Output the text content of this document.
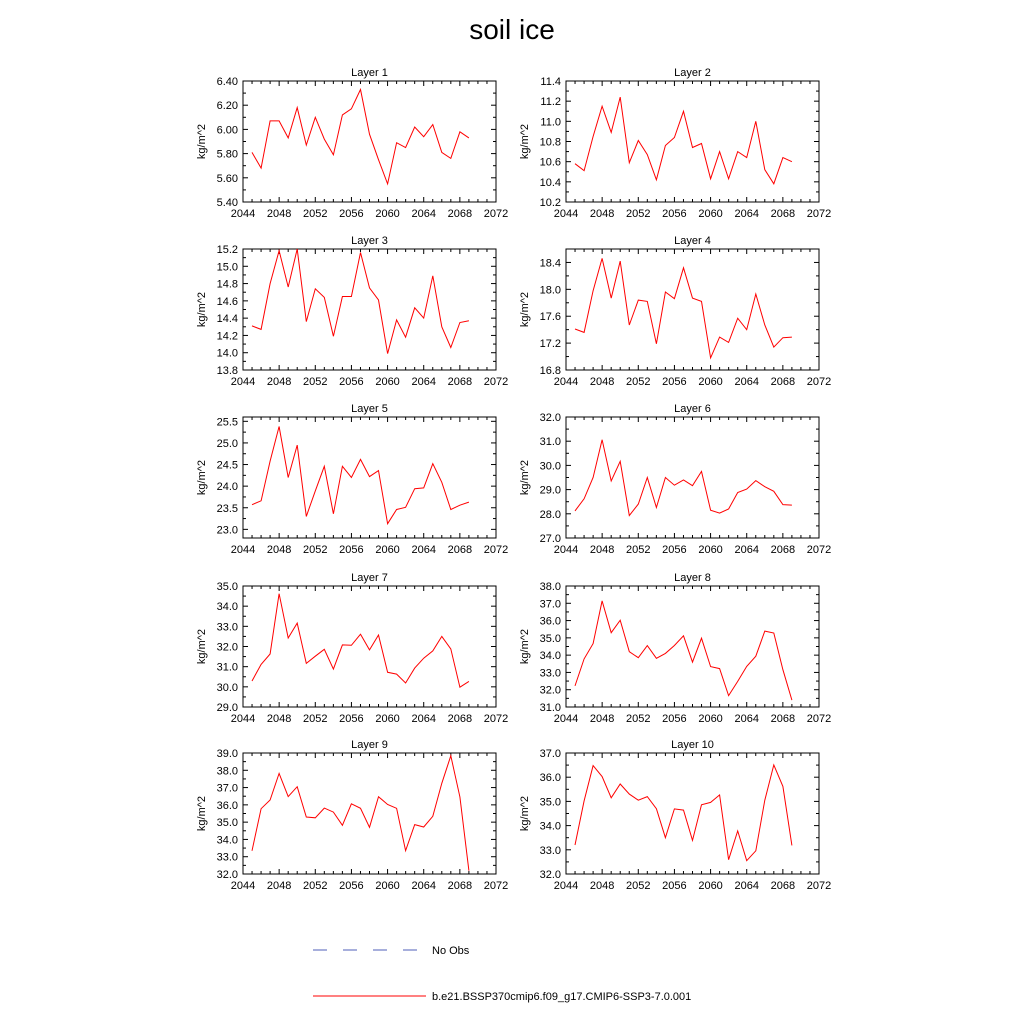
soil ice
Layer 1
kg/m^2
2044 2048 2052 2056 2060 2064 2068 2072
5.40
5.60
5.80
6.00
6.20
6.40
Layer 2
kg/m^2
2044 2048 2052 2056 2060 2064 2068 2072
10.2
10.4
10.6
10.8
11.0
11.2
11.4
Layer 3
kg/m^2
2044 2048 2052 2056 2060 2064 2068 2072
13.8
14.0
14.2
14.4
14.6
14.8
15.0
15.2
Layer 4
kg/m^2
2044 2048 2052 2056 2060 2064 2068 2072
16.8
17.2
17.6
18.0
18.4
Layer 5
kg/m^2
2044 2048 2052 2056 2060 2064 2068 2072
23.0
23.5
24.0
24.5
25.0
25.5
Layer 6
kg/m^2
2044 2048 2052 2056 2060 2064 2068 2072
27.0
28.0
29.0
30.0
31.0
32.0
Layer 7
kg/m^2
2044 2048 2052 2056 2060 2064 2068 2072
29.0
30.0
31.0
32.0
33.0
34.0
35.0
Layer 8
kg/m^2
2044 2048 2052 2056 2060 2064 2068 2072
31.0
32.0
33.0
34.0
35.0
36.0
37.0
38.0
Layer 9
kg/m^2
2044 2048 2052 2056 2060 2064 2068 2072
32.0
33.0
34.0
35.0
36.0
37.0
38.0
39.0
Layer 10
kg/m^2
2044 2048 2052 2056 2060 2064 2068 2072
32.0
33.0
34.0
35.0
36.0
37.0
No Obs
b.e21.BSSP370cmip6.f09_g17.CMIP6-SSP3-7.0.001
